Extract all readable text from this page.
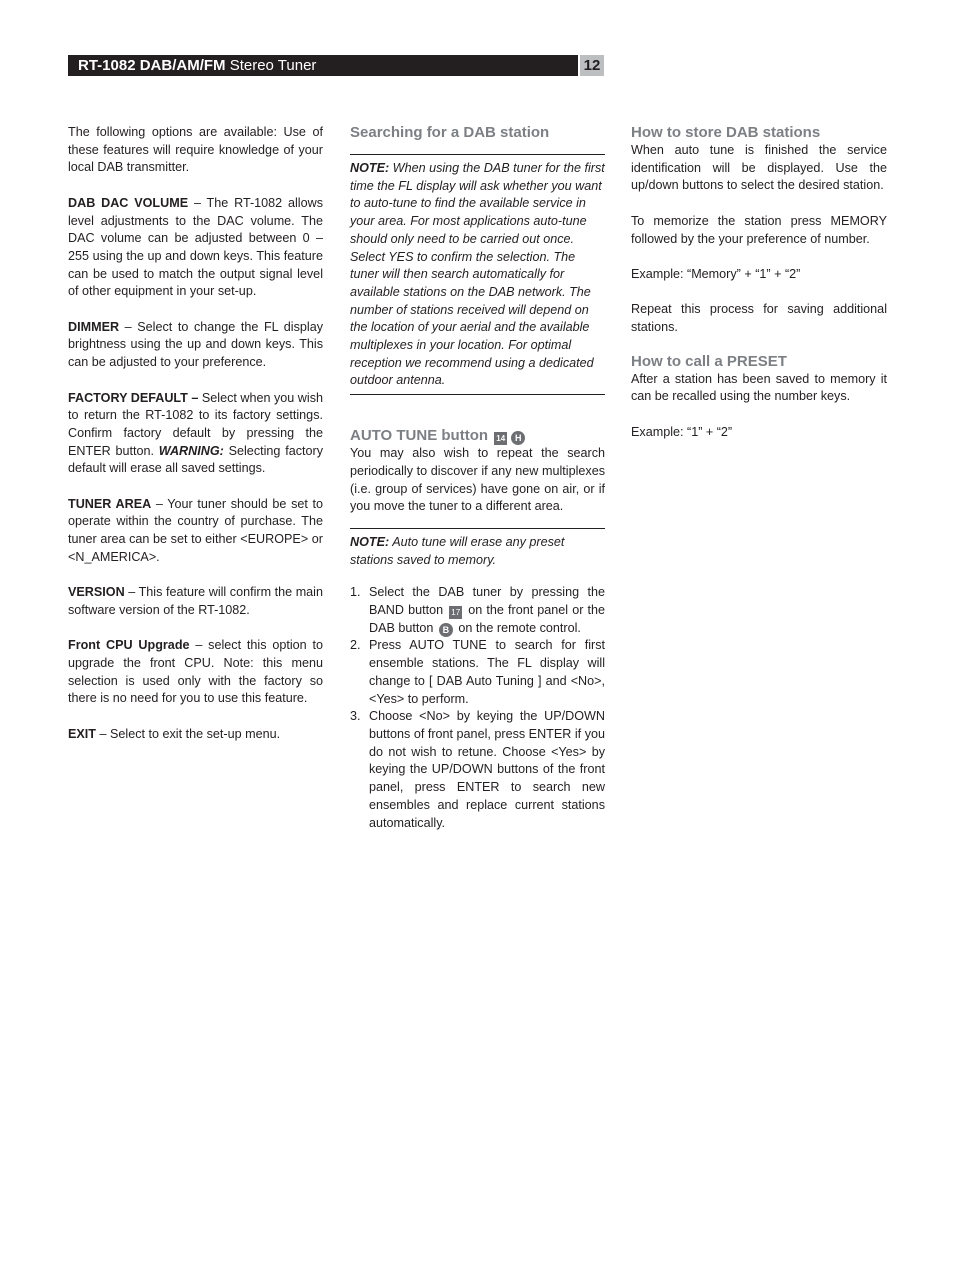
RT-1082 DAB/AM/FM Stereo Tuner	12

The following options are available: Use of these features will require knowledge of your local DAB transmitter.

DAB DAC VOLUME – The RT-1082 allows level adjustments to the DAC volume. The DAC volume can be adjusted between 0 – 255 using the up and down keys. This feature can be used to match the output signal level of other equipment in your set-up.

DIMMER – Select to change the FL display brightness using the up and down keys. This can be adjusted to your preference.

FACTORY DEFAULT – Select when you wish to return the RT-1082 to its factory settings. Confirm factory default by pressing the ENTER button. WARNING: Selecting factory default will erase all saved settings.

TUNER AREA – Your tuner should be set to operate within the country of purchase. The tuner area can be set to either <EUROPE> or <N_AMERICA>.

VERSION – This feature will confirm the main software version of the RT-1082.

Front CPU Upgrade – select this option to upgrade the front CPU. Note: this menu selection is used only with the factory so there is no need for you to use this feature.

EXIT – Select to exit the set-up menu.

Searching for a DAB station
NOTE: When using the DAB tuner for the first time the FL display will ask whether you want to auto-tune to find the available service in your area. For most applications auto-tune should only need to be carried out once. Select YES to confirm the selection. The tuner will then search automatically for available stations on the DAB network. The number of stations received will depend on the location of your aerial and the available multiplexes in your location. For optimal reception we recommend using a dedicated outdoor antenna.
AUTO TUNE button 14 H

You may also wish to repeat the search periodically to discover if any new multiplexes (i.e. group of services) have gone on air, or if you move the tuner to a different area.

NOTE: Auto tune will erase any preset stations saved to memory.
1. Select the DAB tuner by pressing the BAND button 17 on the front panel or the DAB button B on the remote control.
2. Press AUTO TUNE to search for first ensemble stations. The FL display will change to [ DAB Auto Tuning ] and <No>, <Yes> to perform.
3. Choose <No> by keying the UP/DOWN buttons of front panel, press ENTER if you do not wish to retune. Choose <Yes> by keying the UP/DOWN buttons of the front panel, press ENTER to search new ensembles and replace current stations automatically.
How to store DAB stations

When auto tune is finished the service identification will be displayed. Use the up/down buttons to select the desired station.

To memorize the station press MEMORY followed by the your preference of number.

Example: “Memory” + “1” + “2”

Repeat this process for saving additional stations.

How to call a PRESET

After a station has been saved to memory it can be recalled using the number keys.

Example: “1” + “2”
